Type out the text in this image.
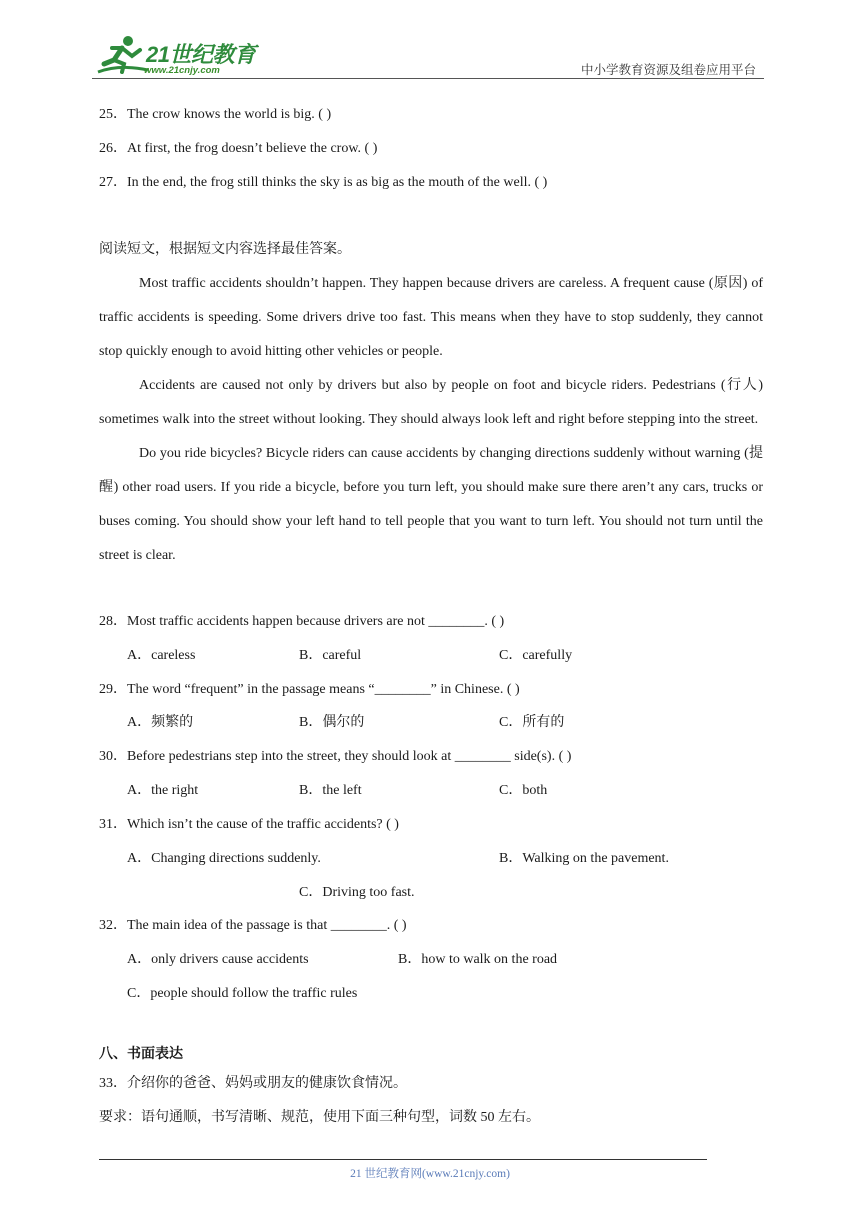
21世纪教育
www.21cnjy.com	中小学教育资源及组卷应用平台
25．The crow knows the world is big. ( )
26．At first, the frog doesn’t believe the crow. ( )
27．In the end, the frog still thinks the sky is as big as the mouth of the well. ( )
阅读短文，根据短文内容选择最佳答案。

Most traffic accidents shouldn’t happen. They happen because drivers are careless. A frequent cause (原因) of traffic accidents is speeding. Some drivers drive too fast. This means when they have to stop suddenly, they cannot stop quickly enough to avoid hitting other vehicles or people.

Accidents are caused not only by drivers but also by people on foot and bicycle riders. Pedestrians (行人) sometimes walk into the street without looking. They should always look left and right before stepping into the street.

Do you ride bicycles? Bicycle riders can cause accidents by changing directions suddenly without warning (提醒) other road users. If you ride a bicycle, before you turn left, you should make sure there aren’t any cars, trucks or buses coming. You should show your left hand to tell people that you want to turn left. You should not turn until the street is clear.

28．Most traffic accidents happen because drivers are not ________. ( )
A．careless	B．careful	C．carefully
29．The word “frequent” in the passage means “________” in Chinese. ( )
A．频繁的	B．偶尔的	C．所有的
30．Before pedestrians step into the street, they should look at ________ side(s). ( )
A．the right	B．the left	C．both
31．Which isn’t the cause of the traffic accidents? ( )
A．Changing directions suddenly.	B．Walking on the pavement.
C．Driving too fast.
32．The main idea of the passage is that ________. ( )
A．only drivers cause accidents	B．how to walk on the road
C．people should follow the traffic rules
八、书面表达
33．介绍你的爸爸、妈妈或朋友的健康饮食情况。
要求：语句通顺，书写清晰、规范，使用下面三种句型，词数 50 左右。
21 世纪教育网(www.21cnjy.com)
